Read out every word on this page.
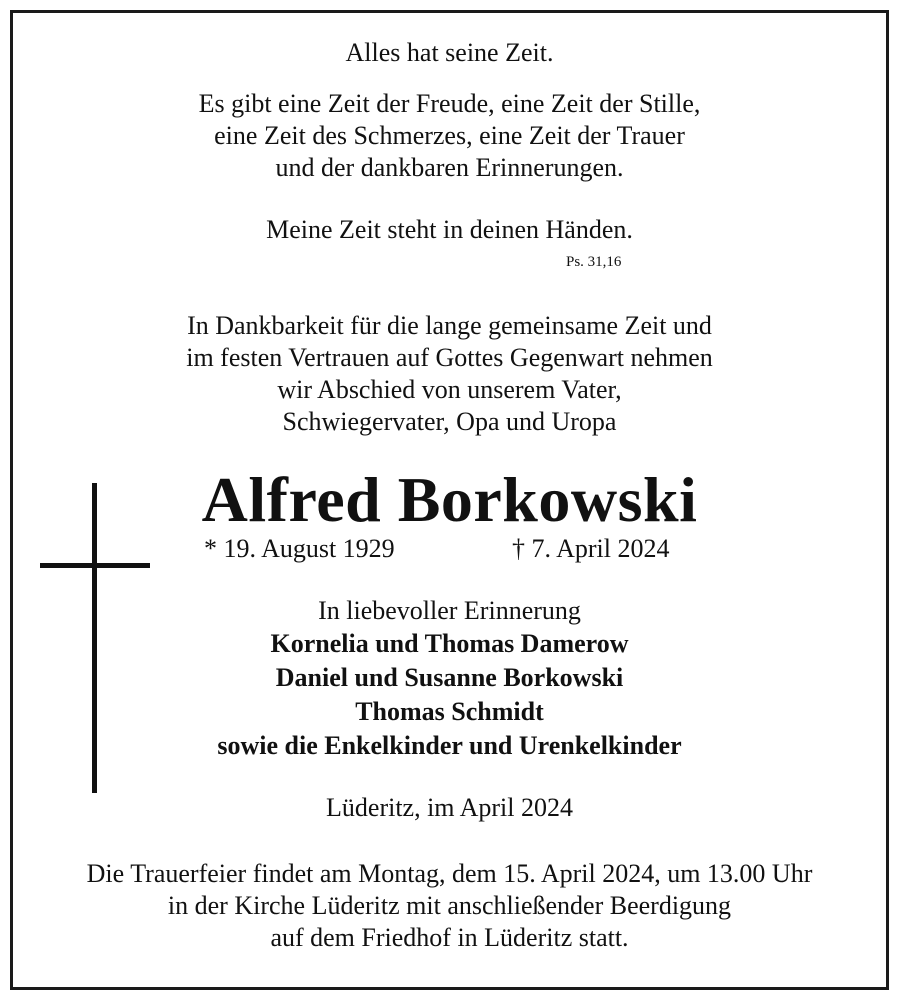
Alles hat seine Zeit.
Es gibt eine Zeit der Freude, eine Zeit der Stille,
eine Zeit des Schmerzes, eine Zeit der Trauer
und der dankbaren Erinnerungen.
Meine Zeit steht in deinen Händen.
Ps. 31,16
In Dankbarkeit für die lange gemeinsame Zeit und
im festen Vertrauen auf Gottes Gegenwart nehmen
wir Abschied von unserem Vater,
Schwiegervater, Opa und Uropa
Alfred Borkowski
* 19. August 1929	† 7. April 2024
In liebevoller Erinnerung
Kornelia und Thomas Damerow
Daniel und Susanne Borkowski
Thomas Schmidt
sowie die Enkelkinder und Urenkelkinder
Lüderitz, im April 2024
Die Trauerfeier findet am Montag, dem 15. April 2024, um 13.00 Uhr
in der Kirche Lüderitz mit anschließender Beerdigung
auf dem Friedhof in Lüderitz statt.
